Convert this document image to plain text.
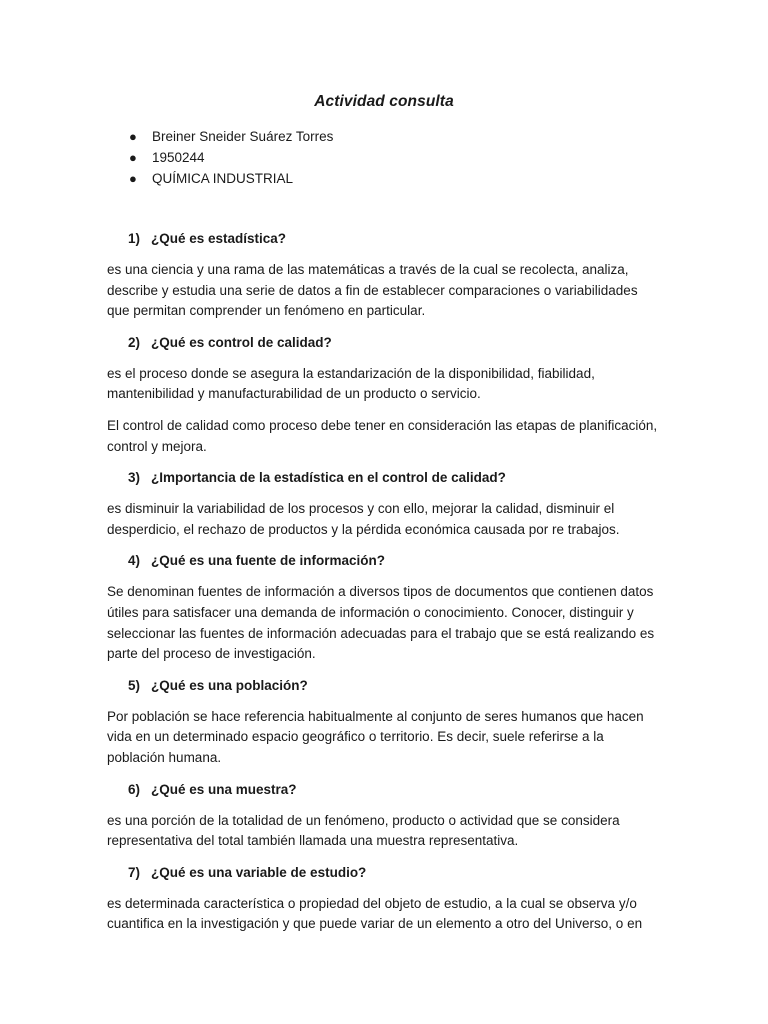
Actividad consulta
● Breiner Sneider Suárez Torres
● 1950244
● QUÍMICA INDUSTRIAL
1) ¿Qué es estadística?

es una ciencia y una rama de las matemáticas a través de la cual se recolecta, analiza, describe y estudia una serie de datos a fin de establecer comparaciones o variabilidades que permitan comprender un fenómeno en particular.

2) ¿Qué es control de calidad?

es el proceso donde se asegura la estandarización de la disponibilidad, fiabilidad, mantenibilidad y manufacturabilidad de un producto o servicio.

El control de calidad como proceso debe tener en consideración las etapas de planificación, control y mejora.

3) ¿Importancia de la estadística en el control de calidad?

es disminuir la variabilidad de los procesos y con ello, mejorar la calidad, disminuir el desperdicio, el rechazo de productos y la pérdida económica causada por re trabajos.

4) ¿Qué es una fuente de información?

Se denominan fuentes de información a diversos tipos de documentos que contienen datos útiles para satisfacer una demanda de información o conocimiento. Conocer, distinguir y seleccionar las fuentes de información adecuadas para el trabajo que se está realizando es parte del proceso de investigación.

5) ¿Qué es una población?

Por población se hace referencia habitualmente al conjunto de seres humanos que hacen vida en un determinado espacio geográfico o territorio. Es decir, suele referirse a la población humana.

6) ¿Qué es una muestra?

es una porción de la totalidad de un fenómeno, producto o actividad que se considera representativa del total también llamada una muestra representativa.

7) ¿Qué es una variable de estudio?

es determinada característica o propiedad del objeto de estudio, a la cual se observa y/o cuantifica en la investigación y que puede variar de un elemento a otro del Universo, o en
